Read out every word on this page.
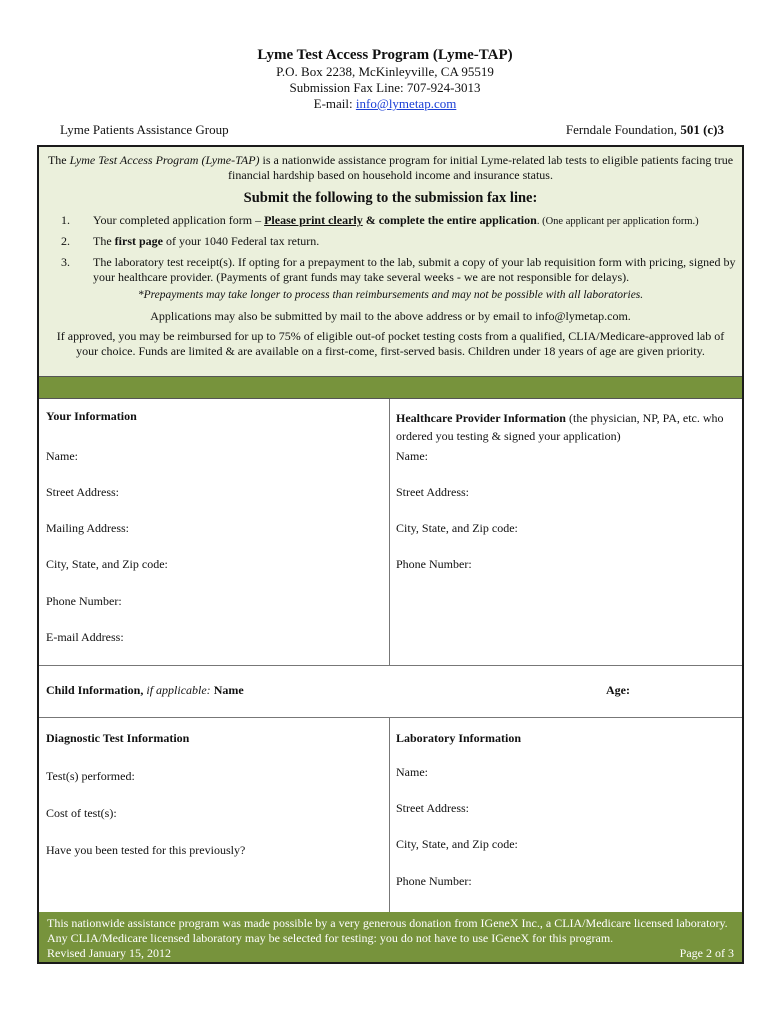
Lyme Test Access Program (Lyme-TAP)
P.O. Box 2238, McKinleyville, CA 95519
Submission Fax Line: 707-924-3013
E-mail: info@lymetap.com
Lyme Patients Assistance Group	Ferndale Foundation, 501 (c)3
The Lyme Test Access Program (Lyme-TAP) is a nationwide assistance program for initial Lyme-related lab tests to eligible patients facing true financial hardship based on household income and insurance status.
Submit the following to the submission fax line:
1.	Your completed application form – Please print clearly & complete the entire application. (One applicant per application form.)
2.	The first page of your 1040 Federal tax return.
3.	The laboratory test receipt(s). If opting for a prepayment to the lab, submit a copy of your lab requisition form with pricing, signed by your healthcare provider. (Payments of grant funds may take several weeks - we are not responsible for delays).
*Prepayments may take longer to process than reimbursements and may not be possible with all laboratories.
Applications may also be submitted by mail to the above address or by email to info@lymetap.com.
If approved, you may be reimbursed for up to 75% of eligible out-of pocket testing costs from a qualified, CLIA/Medicare-approved lab of your choice. Funds are limited & are available on a first-come, first-served basis. Children under 18 years of age are given priority.
Your Information
Name:
Street Address:
Mailing Address:
City, State, and Zip code:
Phone Number:
E-mail Address:
Healthcare Provider Information (the physician, NP, PA, etc. who ordered you testing & signed your application)
Name:
Street Address:
City, State, and Zip code:
Phone Number:
Child Information, if applicable: Name	Age:
Diagnostic Test Information
Test(s) performed:
Cost of test(s):
Have you been tested for this previously?
Laboratory Information
Name:
Street Address:
City, State, and Zip code:
Phone Number:
This nationwide assistance program was made possible by a very generous donation from IGeneX Inc., a CLIA/Medicare licensed laboratory. Any CLIA/Medicare licensed laboratory may be selected for testing: you do not have to use IGeneX for this program.
Revised January 15, 2012	Page 2 of 3
